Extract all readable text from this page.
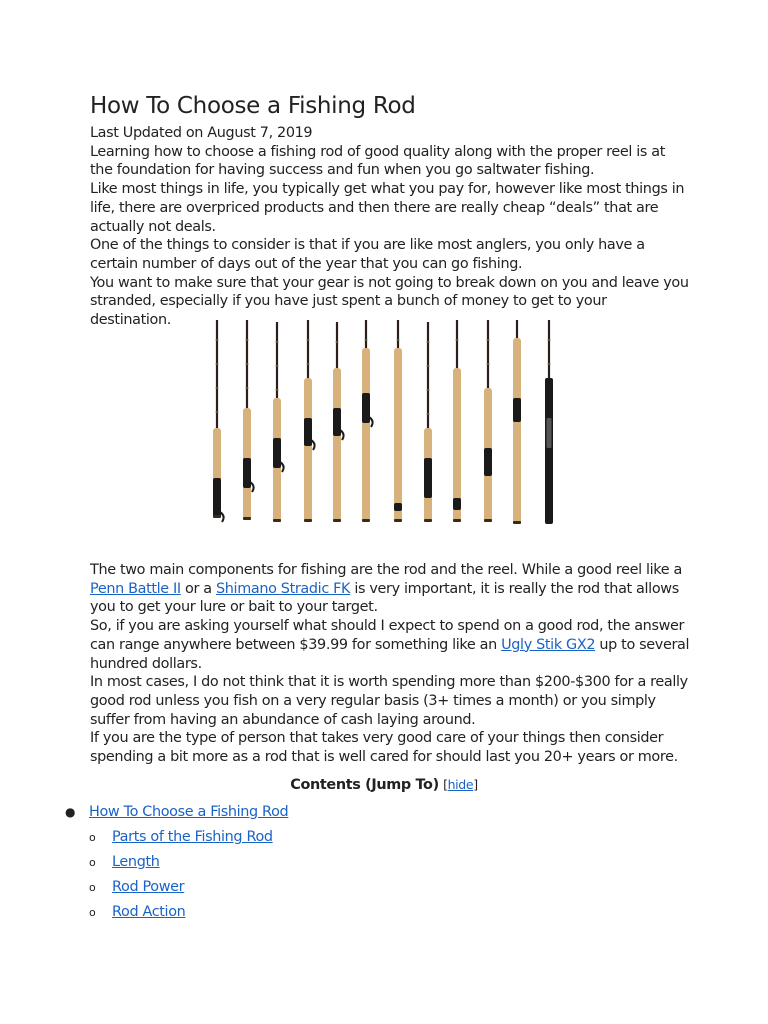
How To Choose a Fishing Rod

Last Updated on August 7, 2019

Learning how to choose a fishing rod of good quality along with the proper reel is at the foundation for having success and fun when you go saltwater fishing.

Like most things in life, you typically get what you pay for, however like most things in life, there are overpriced products and then there are really cheap “deals” that are actually not deals.

One of the things to consider is that if you are like most anglers, you only have a certain number of days out of the year that you can go fishing.

You want to make sure that your gear is not going to break down on you and leave you stranded, especially if you have just spent a bunch of money to get to your destination.

The two main components for fishing are the rod and the reel. While a good reel like a Penn Battle II or a Shimano Stradic FK is very important, it is really the rod that allows you to get your lure or bait to your target.

So, if you are asking yourself what should I expect to spend on a good rod, the answer can range anywhere between $39.99 for something like an Ugly Stik GX2 up to several hundred dollars.

In most cases, I do not think that it is worth spending more than $200-$300 for a really good rod unless you fish on a very regular basis (3+ times a month) or you simply suffer from having an abundance of cash laying around.

If you are the type of person that takes very good care of your things then consider spending a bit more as a rod that is well cared for should last you 20+ years or more.

Contents (Jump To) [hide]
● How To Choose a Fishing Rod
o Parts of the Fishing Rod
o Length
o Rod Power
o Rod Action
